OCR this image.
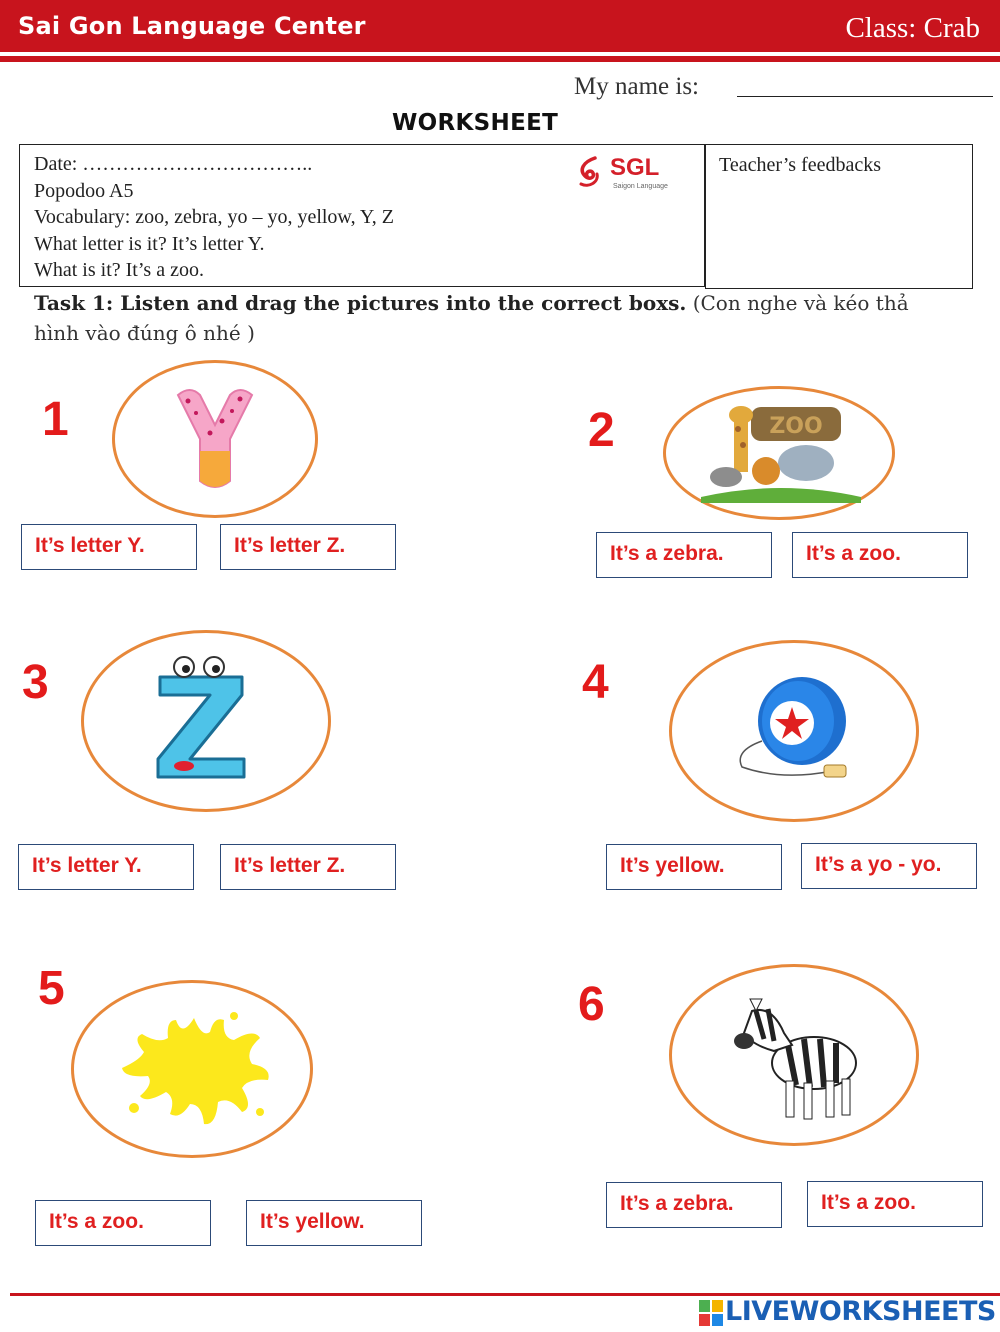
Sai Gon Language Center	Class: Crab
My name is:
WORKSHEET
Date: ……………………………..
Popodoo A5
Vocabulary: zoo, zebra, yo – yo, yellow, Y, Z
What letter is it? It’s letter Y.
What is it? It’s a zoo.
SGL
Saigon Language
Teacher’s feedbacks
Task 1: Listen and drag the pictures into the correct boxs. (Con nghe và kéo thả hình vào đúng ô nhé )
1
It’s letter Y.	It’s letter Z.
2	ZOO
It’s a zebra.	It’s a zoo.
3
It’s letter Y.	It’s letter Z.
4
It’s yellow.	It’s a yo - yo.
5
It’s a zoo.	It’s yellow.
6
It’s a zebra.	It’s a zoo.
LIVEWORKSHEETS
